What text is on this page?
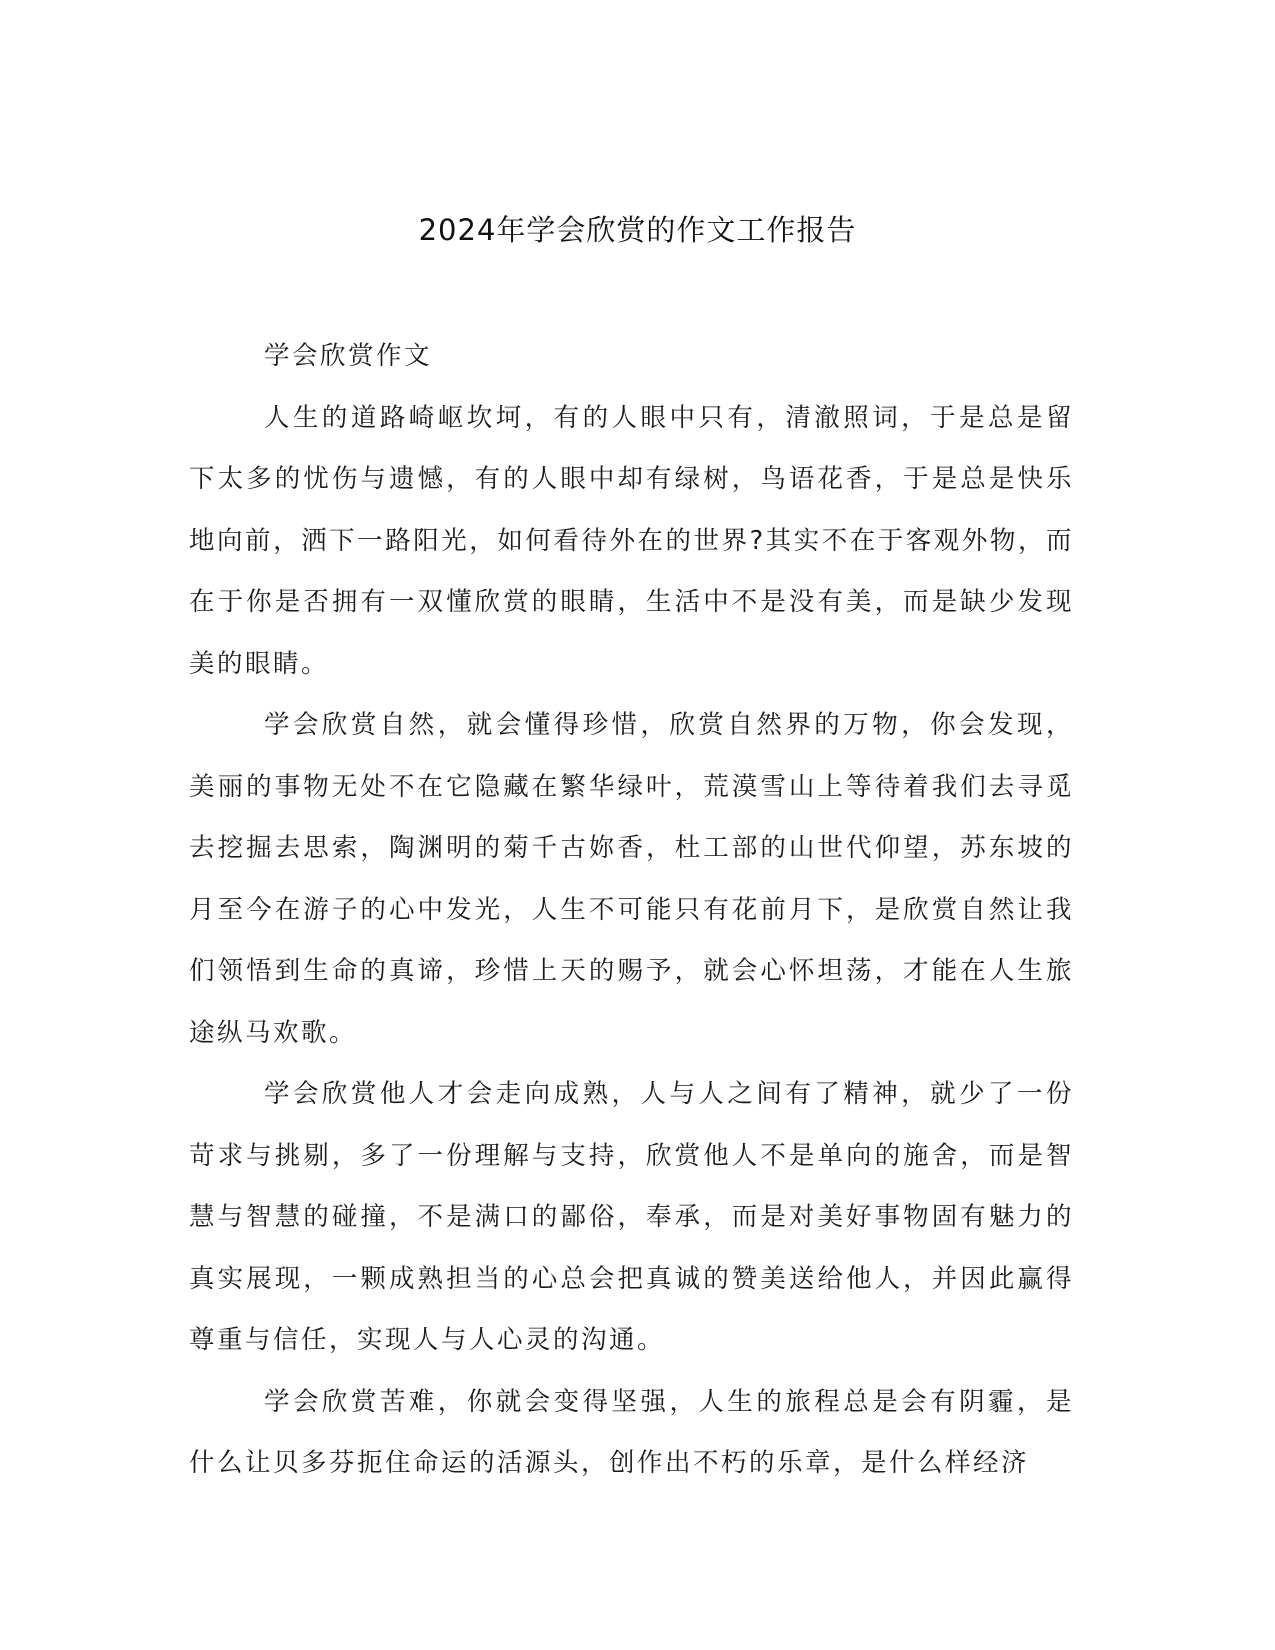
2024年学会欣赏的作文工作报告

学会欣赏作文

人生的道路崎岖坎坷，有的人眼中只有，清澈照词，于是总是留下太多的忧伤与遗憾，有的人眼中却有绿树，鸟语花香，于是总是快乐地向前，洒下一路阳光，如何看待外在的世界?其实不在于客观外物，而在于你是否拥有一双懂欣赏的眼睛，生活中不是没有美，而是缺少发现美的眼睛。

学会欣赏自然，就会懂得珍惜，欣赏自然界的万物，你会发现，美丽的事物无处不在它隐藏在繁华绿叶，荒漠雪山上等待着我们去寻觅去挖掘去思索，陶渊明的菊千古妳香，杜工部的山世代仰望，苏东坡的月至今在游子的心中发光，人生不可能只有花前月下，是欣赏自然让我们领悟到生命的真谛，珍惜上天的赐予，就会心怀坦荡，才能在人生旅途纵马欢歌。

学会欣赏他人才会走向成熟，人与人之间有了精神，就少了一份苛求与挑剔，多了一份理解与支持，欣赏他人不是单向的施舍，而是智慧与智慧的碰撞，不是满口的鄙俗，奉承，而是对美好事物固有魅力的真实展现，一颗成熟担当的心总会把真诚的赞美送给他人，并因此赢得尊重与信任，实现人与人心灵的沟通。

学会欣赏苦难，你就会变得坚强，人生的旅程总是会有阴霾，是什么让贝多芬扼住命运的活源头，创作出不朽的乐章，是什么样经济
